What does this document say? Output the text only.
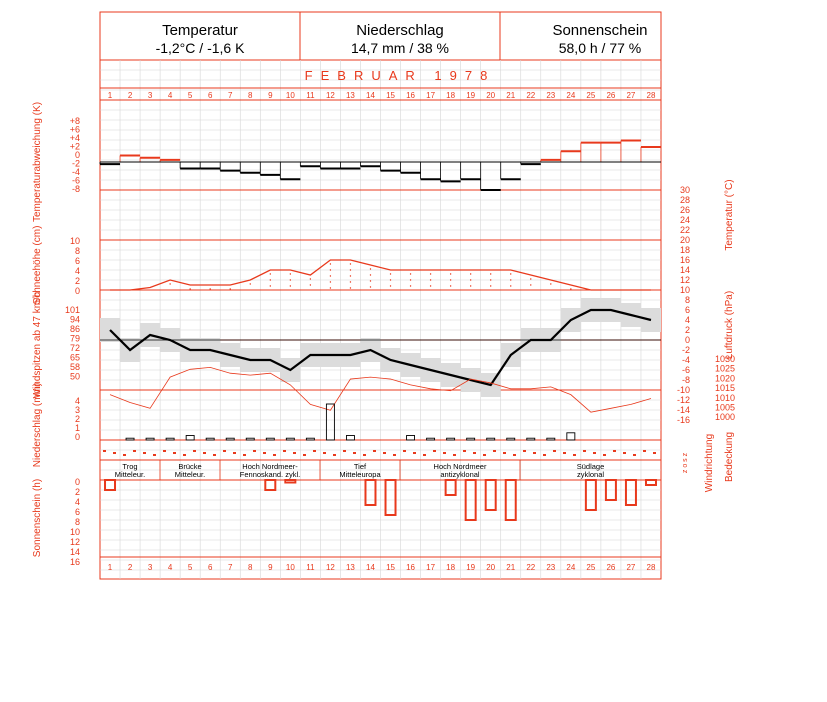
FEBRUAR 1978
1
1
2
2
3
3
4
4
5
5
6
6
7
7
8
8
9
9
10
10
11
11
12
12
13
13
14
14
15
15
16
16
17
17
18
18
19
19
20
20
21
21
22
22
23
23
24
24
25
25
26
26
27
27
28
28
Temperaturabweichung (K)
Schneehöhe (cm)
Windspitzen ab 47 km/h
Niederschlag (mm)
Sonnenschein (h)
Temperatur (°C)
Luftdruck (hPa)
Windrichtung Bedeckung
+8
+6
+4
+2
0
-2
-4
-6
-8
10
8
6
4
2
0
101
94
86
79
72
65
58
50
4
3
2
1
0
0
2
4
6
8
10
12
14
16
30
28
26
24
22
20
18
16
14
12
10
8
6
4
2
0
-2
-4
-6
-8
-10
-12
-14
-16
1030
1025
1020
1015
1010
1005
1000
z o s z
Trog
Mitteleur.
Brücke
Mitteleur.
Hoch Nordmeer-
Fennoskand. zykl.
Tief
Mitteleuropa
Hoch Nordmeer
antizyklonal
Südlage
zyklonal
Temperatur
-1,2°C / -1,6 K
Niederschlag
14,7 mm / 38 %
Sonnenschein
58,0 h / 77 %
